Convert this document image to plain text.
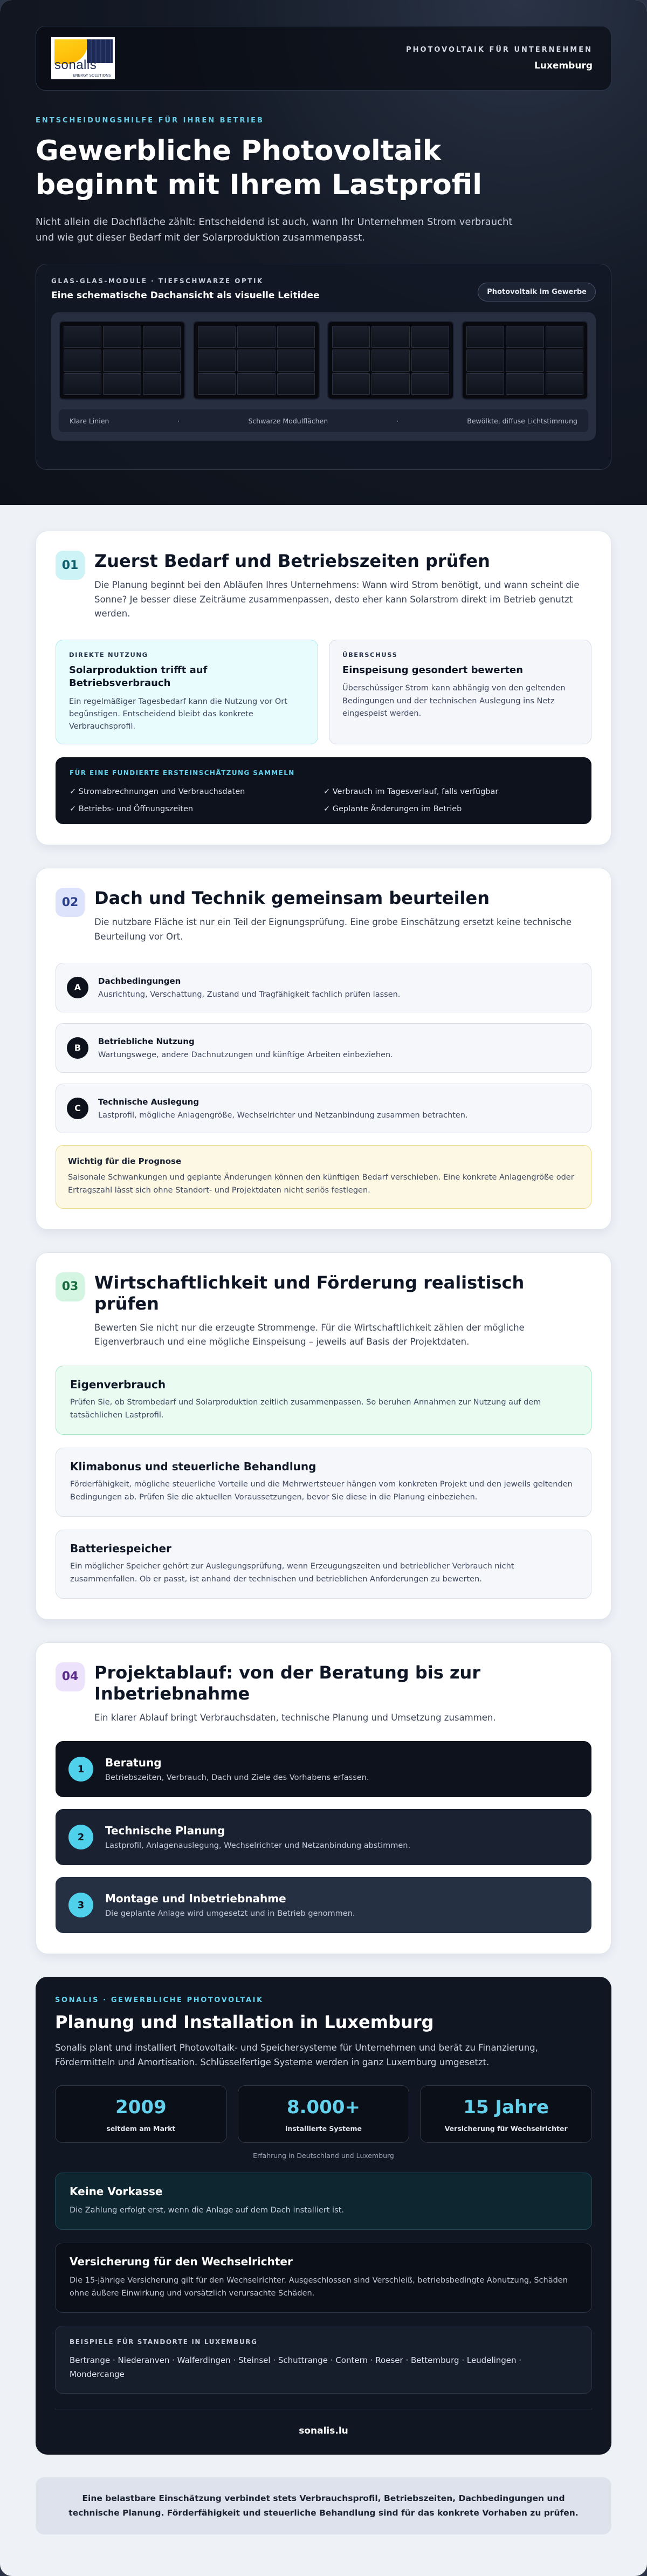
sonalis
ENERGY SOLUTIONS
PHOTOVOLTAIK FÜR UNTERNEHMEN
Luxemburg
ENTSCHEIDUNGSHILFE FÜR IHREN BETRIEB
Gewerbliche Photovoltaik beginnt mit Ihrem Lastprofil

Nicht allein die Dachfläche zählt: Entscheidend ist auch, wann Ihr Unternehmen Strom verbraucht und wie gut dieser Bedarf mit der Solarproduktion zusammenpasst.

GLAS-GLAS-MODULE · TIEFSCHWARZE OPTIK
Eine schematische Dachansicht als visuelle Leitidee	Photovoltaik im Gewerbe
Klare Linien	·	Schwarze Modulflächen	·	Bewölkte, diffuse Lichtstimmung
01 Zuerst Bedarf und Betriebszeiten prüfen

Die Planung beginnt bei den Abläufen Ihres Unternehmens: Wann wird Strom benötigt, und wann scheint die Sonne? Je besser diese Zeiträume zusammenpassen, desto eher kann Solarstrom direkt im Betrieb genutzt werden.

DIREKTE NUTZUNG
Solarproduktion trifft auf Betriebsverbrauch

Ein regelmäßiger Tagesbedarf kann die Nutzung vor Ort begünstigen. Entscheidend bleibt das konkrete Verbrauchsprofil.

ÜBERSCHUSS
Einspeisung gesondert bewerten

Überschüssiger Strom kann abhängig von den geltenden Bedingungen und der technischen Auslegung ins Netz eingespeist werden.

FÜR EINE FUNDIERTE ERSTEINSCHÄTZUNG SAMMELN
✓ Stromabrechnungen und Verbrauchsdaten	✓ Verbrauch im Tagesverlauf, falls verfügbar
✓ Betriebs- und Öffnungszeiten	✓ Geplante Änderungen im Betrieb
02 Dach und Technik gemeinsam beurteilen

Die nutzbare Fläche ist nur ein Teil der Eignungsprüfung. Eine grobe Einschätzung ersetzt keine technische Beurteilung vor Ort.

A
Dachbedingungen

Ausrichtung, Verschattung, Zustand und Tragfähigkeit fachlich prüfen lassen.

B
Betriebliche Nutzung

Wartungswege, andere Dachnutzungen und künftige Arbeiten einbeziehen.

C
Technische Auslegung

Lastprofil, mögliche Anlagengröße, Wechselrichter und Netzanbindung zusammen betrachten.

Wichtig für die Prognose

Saisonale Schwankungen und geplante Änderungen können den künftigen Bedarf verschieben. Eine konkrete Anlagengröße oder Ertragszahl lässt sich ohne Standort- und Projektdaten nicht seriös festlegen.

03 Wirtschaftlichkeit und Förderung realistisch prüfen

Bewerten Sie nicht nur die erzeugte Strommenge. Für die Wirtschaftlichkeit zählen der mögliche Eigenverbrauch und eine mögliche Einspeisung – jeweils auf Basis der Projektdaten.

Eigenverbrauch

Prüfen Sie, ob Strombedarf und Solarproduktion zeitlich zusammenpassen. So beruhen Annahmen zur Nutzung auf dem tatsächlichen Lastprofil.

Klimabonus und steuerliche Behandlung

Förderfähigkeit, mögliche steuerliche Vorteile und die Mehrwertsteuer hängen vom konkreten Projekt und den jeweils geltenden Bedingungen ab. Prüfen Sie die aktuellen Voraussetzungen, bevor Sie diese in die Planung einbeziehen.

Batteriespeicher

Ein möglicher Speicher gehört zur Auslegungsprüfung, wenn Erzeugungszeiten und betrieblicher Verbrauch nicht zusammenfallen. Ob er passt, ist anhand der technischen und betrieblichen Anforderungen zu bewerten.

04 Projektablauf: von der Beratung bis zur Inbetriebnahme

Ein klarer Ablauf bringt Verbrauchsdaten, technische Planung und Umsetzung zusammen.

1	Beratung

Betriebszeiten, Verbrauch, Dach und Ziele des Vorhabens erfassen.

2	Technische Planung

Lastprofil, Anlagenauslegung, Wechselrichter und Netzanbindung abstimmen.

3	Montage und Inbetriebnahme

Die geplante Anlage wird umgesetzt und in Betrieb genommen.

SONALIS · GEWERBLICHE PHOTOVOLTAIK
Planung und Installation in Luxemburg

Sonalis plant und installiert Photovoltaik- und Speichersysteme für Unternehmen und berät zu Finanzierung, Fördermitteln und Amortisation. Schlüsselfertige Systeme werden in ganz Luxemburg umgesetzt.

2009
seitdem am Markt
8.000+
installierte Systeme
15 Jahre
Versicherung für Wechselrichter
Erfahrung in Deutschland und Luxemburg
Keine Vorkasse

Die Zahlung erfolgt erst, wenn die Anlage auf dem Dach installiert ist.

Versicherung für den Wechselrichter

Die 15-jährige Versicherung gilt für den Wechselrichter. Ausgeschlossen sind Verschleiß, betriebsbedingte Abnutzung, Schäden ohne äußere Einwirkung und vorsätzlich verursachte Schäden.

BEISPIELE FÜR STANDORTE IN LUXEMBURG
Bertrange · Niederanven · Walferdingen · Steinsel · Schuttrange · Contern · Roeser · Bettemburg · Leudelingen · Mondercange
sonalis.lu
Eine belastbare Einschätzung verbindet stets Verbrauchsprofil, Betriebszeiten, Dachbedingungen und technische Planung. Förderfähigkeit und steuerliche Behandlung sind für das konkrete Vorhaben zu prüfen.
